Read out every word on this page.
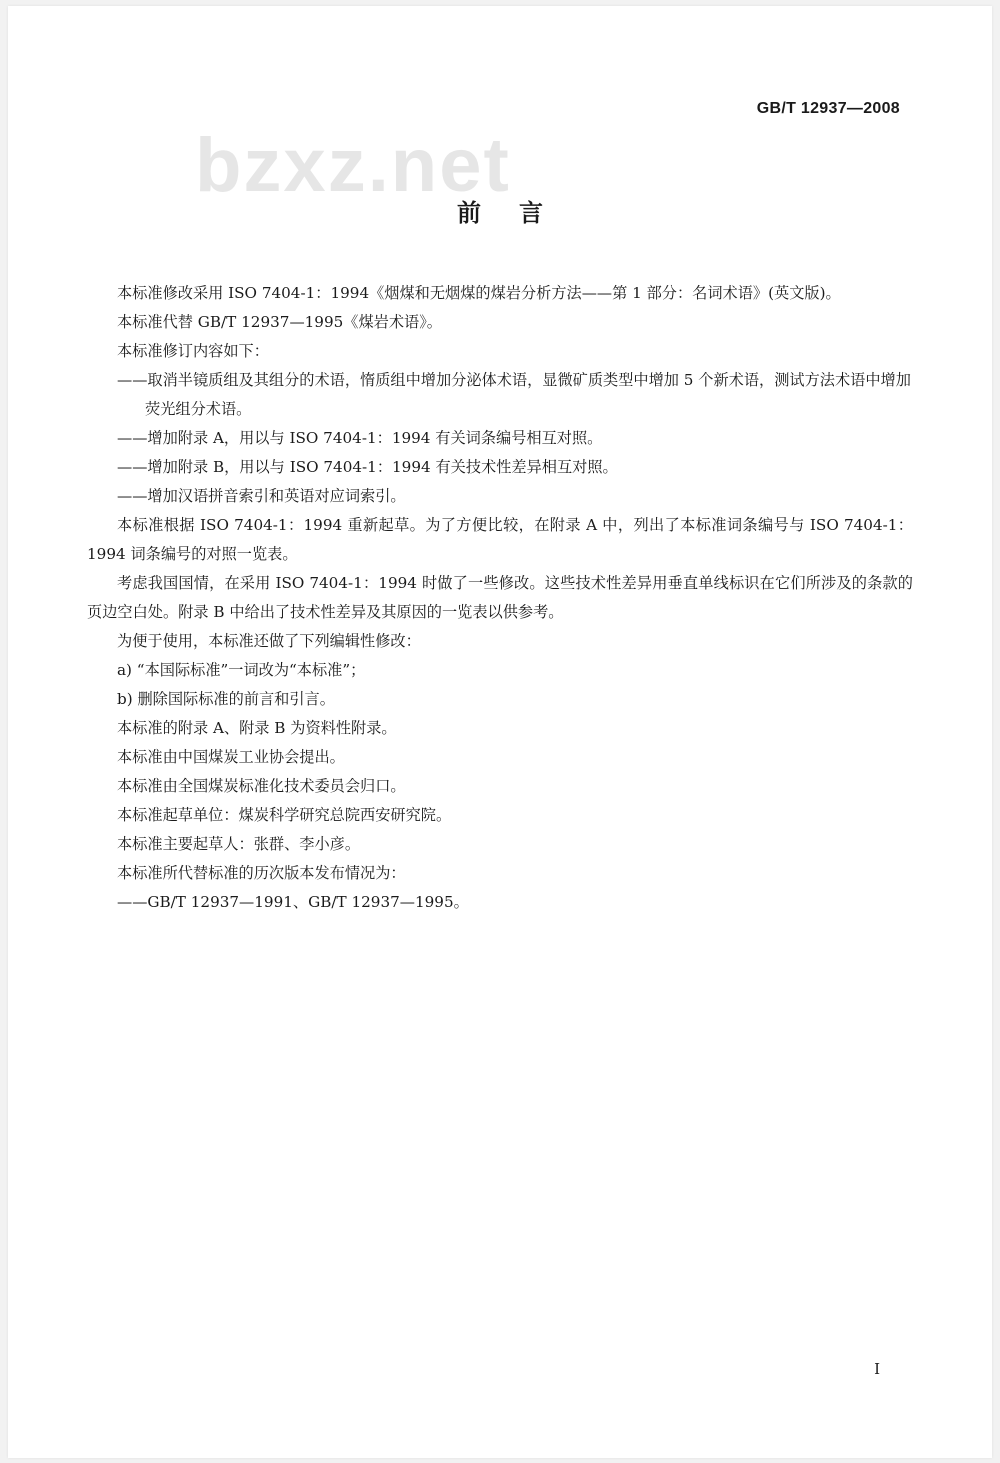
GB/T 12937—2008
bzxz.net
前言

本标准修改采用 ISO 7404-1：1994《烟煤和无烟煤的煤岩分析方法——第 1 部分：名词术语》(英文版)。

本标准代替 GB/T 12937—1995《煤岩术语》。

本标准修订内容如下：

——取消半镜质组及其组分的术语，惰质组中增加分泌体术语，显微矿质类型中增加 5 个新术语，测试方法术语中增加荧光组分术语。

——增加附录 A，用以与 ISO 7404-1：1994 有关词条编号相互对照。

——增加附录 B，用以与 ISO 7404-1：1994 有关技术性差异相互对照。

——增加汉语拼音索引和英语对应词索引。

本标准根据 ISO 7404-1：1994 重新起草。为了方便比较，在附录 A 中，列出了本标准词条编号与 ISO 7404-1：1994 词条编号的对照一览表。

考虑我国国情，在采用 ISO 7404-1：1994 时做了一些修改。这些技术性差异用垂直单线标识在它们所涉及的条款的页边空白处。附录 B 中给出了技术性差异及其原因的一览表以供参考。

为便于使用，本标准还做了下列编辑性修改：

a) “本国际标准”一词改为“本标准”；

b) 删除国际标准的前言和引言。

本标准的附录 A、附录 B 为资料性附录。

本标准由中国煤炭工业协会提出。

本标准由全国煤炭标准化技术委员会归口。

本标准起草单位：煤炭科学研究总院西安研究院。

本标准主要起草人：张群、李小彦。

本标准所代替标准的历次版本发布情况为：

——GB/T 12937—1991、GB/T 12937—1995。

I
